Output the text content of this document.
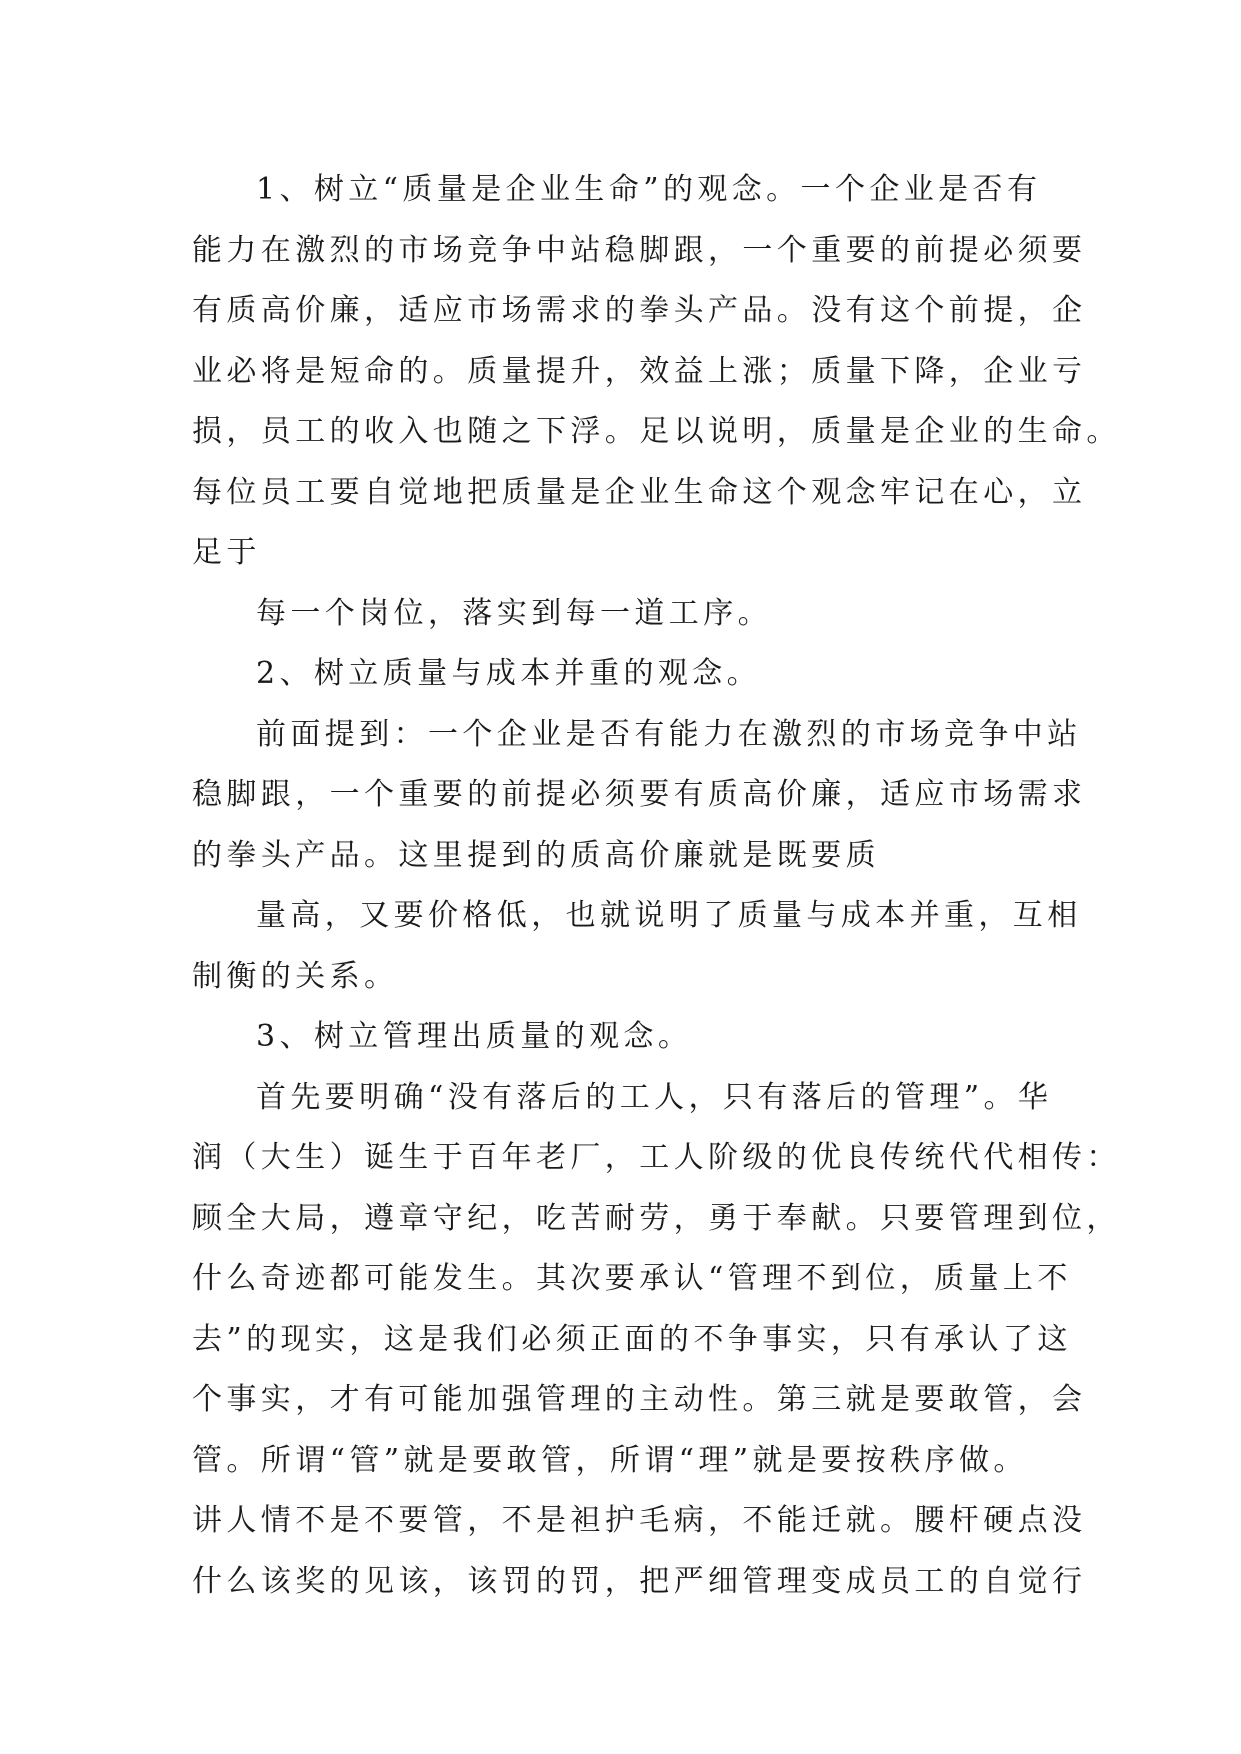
1、树立“质量是企业生命”的观念。一个企业是否有
能力在激烈的市场竞争中站稳脚跟，一个重要的前提必须要
有质高价廉，适应市场需求的拳头产品。没有这个前提，企
业必将是短命的。质量提升，效益上涨；质量下降，企业亏
损，员工的收入也随之下浮。足以说明，质量是企业的生命。
每位员工要自觉地把质量是企业生命这个观念牢记在心，立
足于
每一个岗位，落实到每一道工序。
2、树立质量与成本并重的观念。
前面提到：一个企业是否有能力在激烈的市场竞争中站
稳脚跟，一个重要的前提必须要有质高价廉，适应市场需求
的拳头产品。这里提到的质高价廉就是既要质
量高，又要价格低，也就说明了质量与成本并重，互相
制衡的关系。
3、树立管理出质量的观念。
首先要明确“没有落后的工人，只有落后的管理”。华
润（大生）诞生于百年老厂，工人阶级的优良传统代代相传：
顾全大局，遵章守纪，吃苦耐劳，勇于奉献。只要管理到位，
什么奇迹都可能发生。其次要承认“管理不到位，质量上不
去”的现实，这是我们必须正面的不争事实，只有承认了这
个事实，才有可能加强管理的主动性。第三就是要敢管，会
管。所谓“管”就是要敢管，所谓“理”就是要按秩序做。
讲人情不是不要管，不是袒护毛病，不能迁就。腰杆硬点没
什么该奖的见该，该罚的罚，把严细管理变成员工的自觉行
